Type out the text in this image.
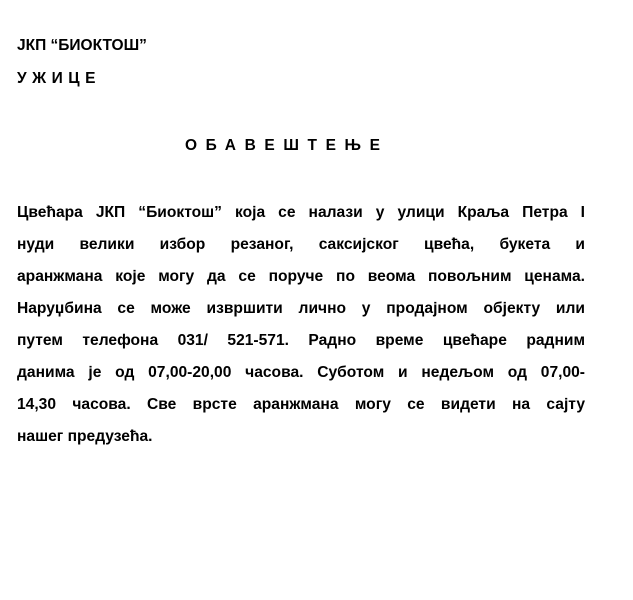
ЈКП “БИОКТОШ”

УЖИЦЕ

ОБАВЕШТЕЊЕ

Цвећара ЈКП “Биоктош” која се налази у улици Краља Петра I
нуди велики избор резаног, саксијског цвећа, букета и
аранжмана које могу да се поруче по веома повољним ценама.
Наруџбина се може извршити лично у продајном објекту или
путем телефона 031/ 521-571. Радно време цвећаре радним
данима је од 07,00-20,00 часова. Суботом и недељом од 07,00-
14,30 часова. Све врсте аранжмана могу се видети на сајту
нашег предузећа.
